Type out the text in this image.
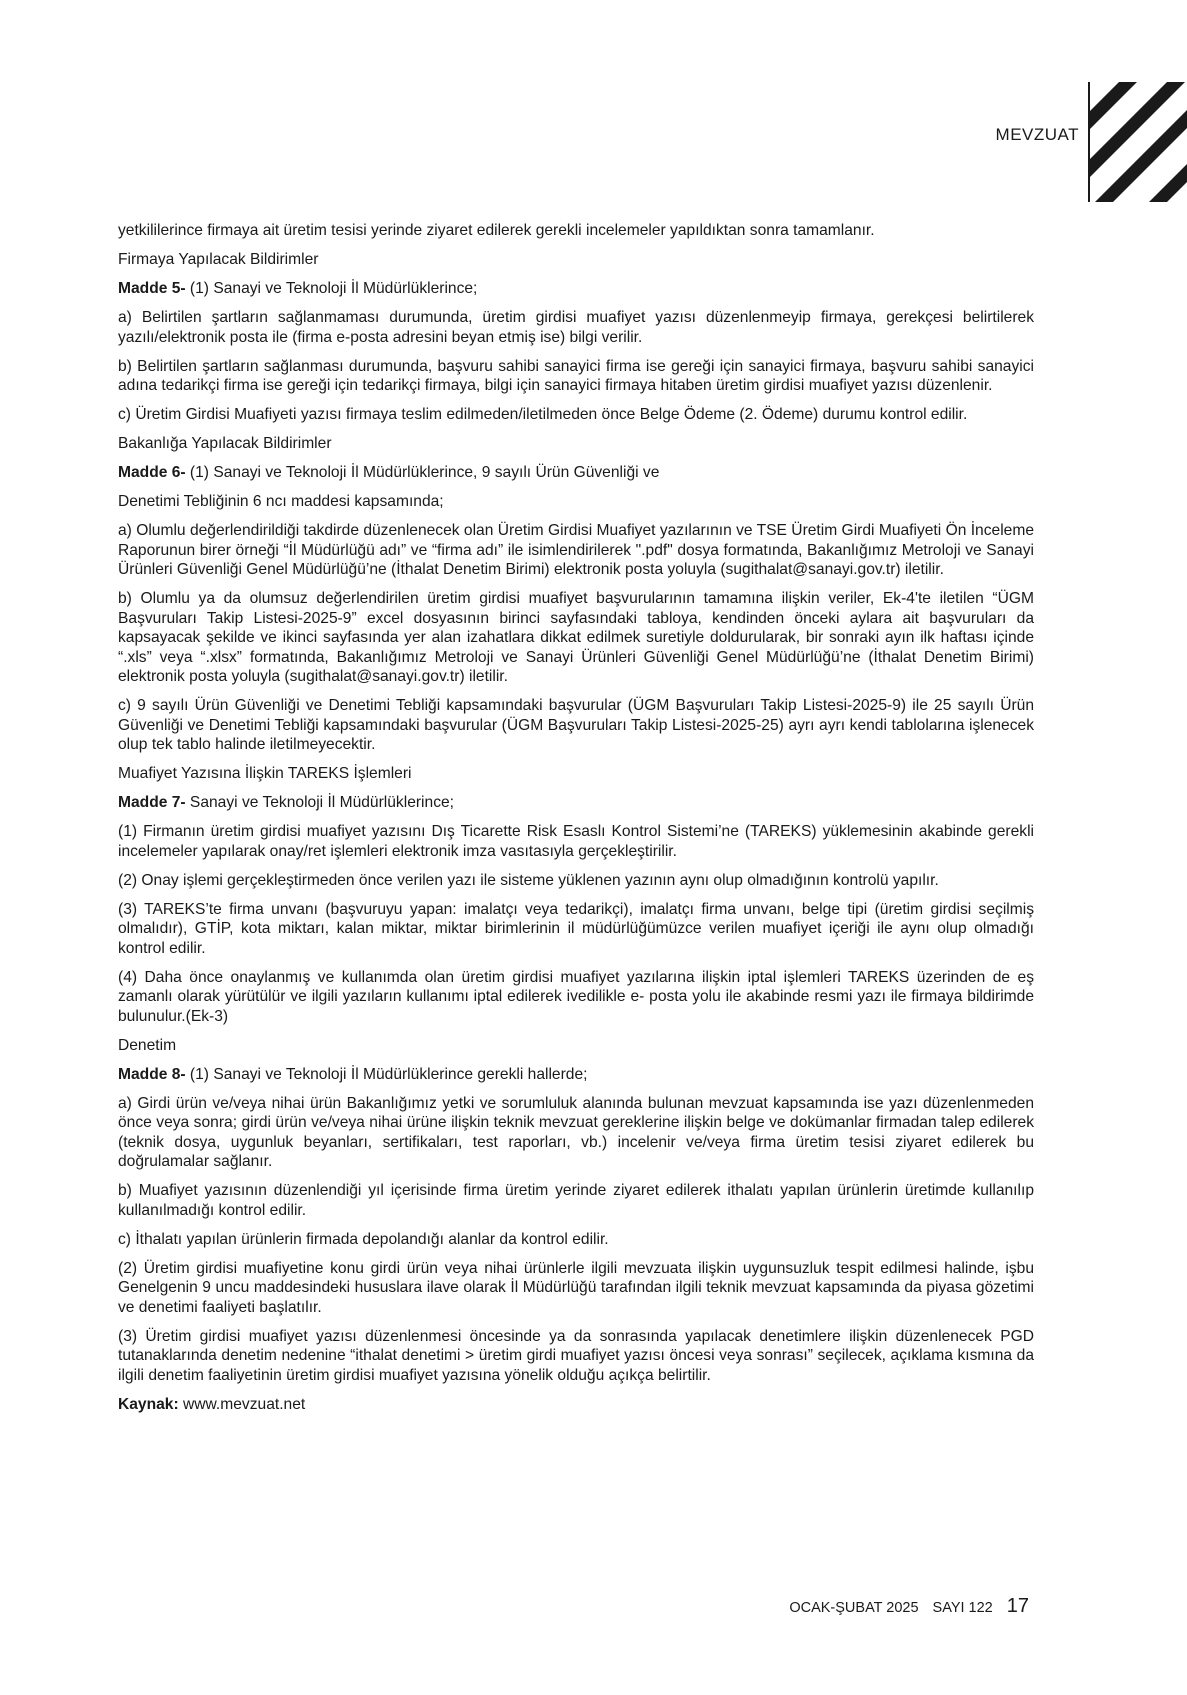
MEVZUAT

yetkililerince firmaya ait üretim tesisi yerinde ziyaret edilerek gerekli incelemeler yapıldıktan sonra tamamlanır.

Firmaya Yapılacak Bildirimler

Madde 5- (1) Sanayi ve Teknoloji İl Müdürlüklerince;

a) Belirtilen şartların sağlanmaması durumunda, üretim girdisi muafiyet yazısı düzenlenmeyip firmaya, gerekçesi belirtilerek yazılı/elektronik posta ile (firma e-posta adresini beyan etmiş ise) bilgi verilir.

b) Belirtilen şartların sağlanması durumunda, başvuru sahibi sanayici firma ise gereği için sanayici firmaya, başvuru sahibi sanayici adına tedarikçi firma ise gereği için tedarikçi firmaya, bilgi için sanayici firmaya hitaben üretim girdisi muafiyet yazısı düzenlenir.

c) Üretim Girdisi Muafiyeti yazısı firmaya teslim edilmeden/iletilmeden önce Belge Ödeme (2. Ödeme) durumu kontrol edilir.

Bakanlığa Yapılacak Bildirimler

Madde 6- (1) Sanayi ve Teknoloji İl Müdürlüklerince, 9 sayılı Ürün Güvenliği ve

Denetimi Tebliğinin 6 ncı maddesi kapsamında;

a) Olumlu değerlendirildiği takdirde düzenlenecek olan Üretim Girdisi Muafiyet yazılarının ve TSE Üretim Girdi Muafiyeti Ön İnceleme Raporunun birer örneği “İl Müdürlüğü adı” ve “firma adı” ile isimlendirilerek ".pdf" dosya formatında, Bakanlığımız Metroloji ve Sanayi Ürünleri Güvenliği Genel Müdürlüğü’ne (İthalat Denetim Birimi) elektronik posta yoluyla (sugithalat@sanayi.gov.tr) iletilir.

b) Olumlu ya da olumsuz değerlendirilen üretim girdisi muafiyet başvurularının tamamına ilişkin veriler, Ek-4'te iletilen “ÜGM Başvuruları Takip Listesi-2025-9” excel dosyasının birinci sayfasındaki tabloya, kendinden önceki aylara ait başvuruları da kapsayacak şekilde ve ikinci sayfasında yer alan izahatlara dikkat edilmek suretiyle doldurularak, bir sonraki ayın ilk haftası içinde “.xls” veya “.xlsx” formatında, Bakanlığımız Metroloji ve Sanayi Ürünleri Güvenliği Genel Müdürlüğü’ne (İthalat Denetim Birimi) elektronik posta yoluyla (sugithalat@sanayi.gov.tr) iletilir.

c) 9 sayılı Ürün Güvenliği ve Denetimi Tebliği kapsamındaki başvurular (ÜGM Başvuruları Takip Listesi-2025-9) ile 25 sayılı Ürün Güvenliği ve Denetimi Tebliği kapsamındaki başvurular (ÜGM Başvuruları Takip Listesi-2025-25) ayrı ayrı kendi tablolarına işlenecek olup tek tablo halinde iletilmeyecektir.

Muafiyet Yazısına İlişkin TAREKS İşlemleri

Madde 7- Sanayi ve Teknoloji İl Müdürlüklerince;

(1) Firmanın üretim girdisi muafiyet yazısını Dış Ticarette Risk Esaslı Kontrol Sistemi’ne (TAREKS) yüklemesinin akabinde gerekli incelemeler yapılarak onay/ret işlemleri elektronik imza vasıtasıyla gerçekleştirilir.

(2) Onay işlemi gerçekleştirmeden önce verilen yazı ile sisteme yüklenen yazının aynı olup olmadığının kontrolü yapılır.

(3) TAREKS’te firma unvanı (başvuruyu yapan: imalatçı veya tedarikçi), imalatçı firma unvanı, belge tipi (üretim girdisi seçilmiş olmalıdır), GTİP, kota miktarı, kalan miktar, miktar birimlerinin il müdürlüğümüzce verilen muafiyet içeriği ile aynı olup olmadığı kontrol edilir.

(4) Daha önce onaylanmış ve kullanımda olan üretim girdisi muafiyet yazılarına ilişkin iptal işlemleri TAREKS üzerinden de eş zamanlı olarak yürütülür ve ilgili yazıların kullanımı iptal edilerek ivedilikle e- posta yolu ile akabinde resmi yazı ile firmaya bildirimde bulunulur.(Ek-3)

Denetim

Madde 8- (1) Sanayi ve Teknoloji İl Müdürlüklerince gerekli hallerde;

a) Girdi ürün ve/veya nihai ürün Bakanlığımız yetki ve sorumluluk alanında bulunan mevzuat kapsamında ise yazı düzenlenmeden önce veya sonra; girdi ürün ve/veya nihai ürüne ilişkin teknik mevzuat gereklerine ilişkin belge ve dokümanlar firmadan talep edilerek (teknik dosya, uygunluk beyanları, sertifikaları, test raporları, vb.) incelenir ve/veya firma üretim tesisi ziyaret edilerek bu doğrulamalar sağlanır.

b) Muafiyet yazısının düzenlendiği yıl içerisinde firma üretim yerinde ziyaret edilerek ithalatı yapılan ürünlerin üretimde kullanılıp kullanılmadığı kontrol edilir.

c) İthalatı yapılan ürünlerin firmada depolandığı alanlar da kontrol edilir.

(2) Üretim girdisi muafiyetine konu girdi ürün veya nihai ürünlerle ilgili mevzuata ilişkin uygunsuzluk tespit edilmesi halinde, işbu Genelgenin 9 uncu maddesindeki hususlara ilave olarak İl Müdürlüğü tarafından ilgili teknik mevzuat kapsamında da piyasa gözetimi ve denetimi faaliyeti başlatılır.

(3) Üretim girdisi muafiyet yazısı düzenlenmesi öncesinde ya da sonrasında yapılacak denetimlere ilişkin düzenlenecek PGD tutanaklarında denetim nedenine “ithalat denetimi > üretim girdi muafiyet yazısı öncesi veya sonrası” seçilecek, açıklama kısmına da ilgili denetim faaliyetinin üretim girdisi muafiyet yazısına yönelik olduğu açıkça belirtilir.

Kaynak: www.mevzuat.net

OCAK-ŞUBAT 2025 SAYI 122 17
